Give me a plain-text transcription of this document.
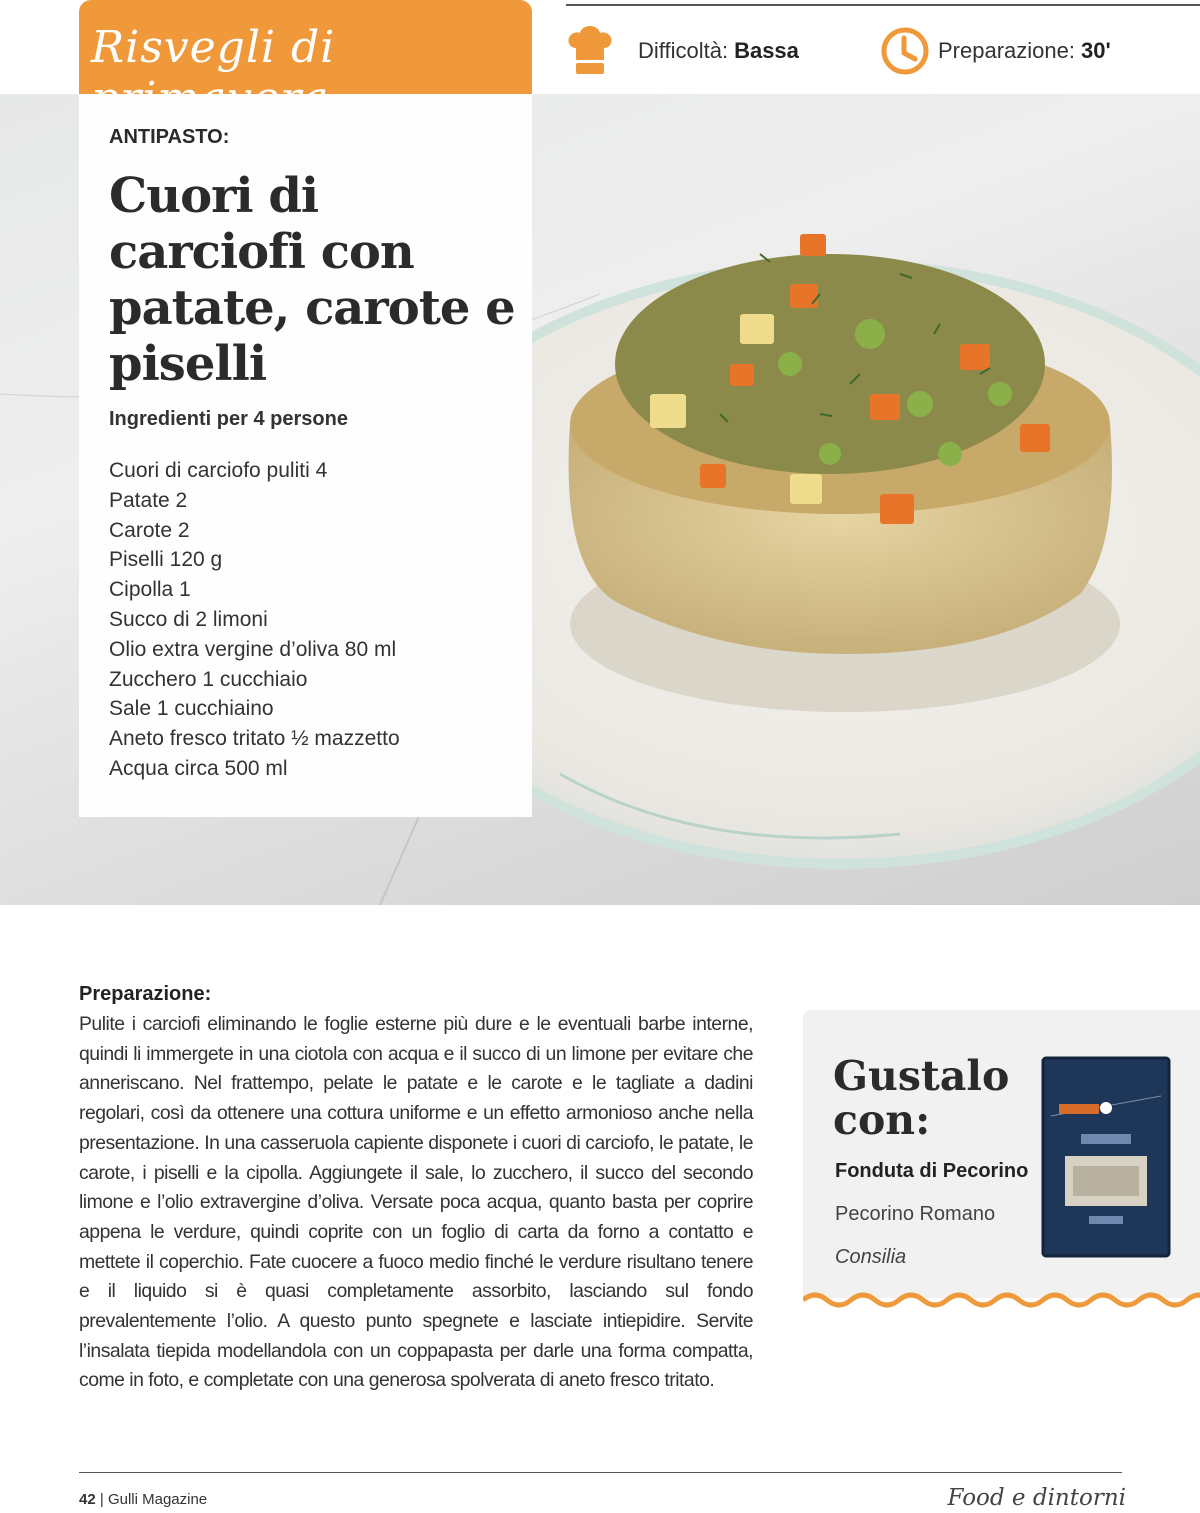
Risvegli di	Difficoltà: Bassa	Preparazione: 30'
ANTIPASTO:
Cuori di carciofi con patate, carote e piselli
Ingredienti per 4 persone
Cuori di carciofo puliti 4
Patate 2
Carote 2
Piselli 120 g
Cipolla 1
Succo di 2 limoni
Olio extra vergine d’oliva 80 ml
Zucchero 1 cucchiaio
Sale 1 cucchiaino
Aneto fresco tritato ½ mazzetto
Acqua circa 500 ml
Preparazione:

Pulite i carciofi eliminando le foglie esterne più dure e le eventuali barbe interne, quindi li immergete in una ciotola con acqua e il succo di un limone per evitare che anneriscano. Nel frattempo, pelate le patate e le carote e le tagliate a dadini regolari, così da ottenere una cottura uniforme e un effetto armonioso anche nella presentazione. In una casseruola capiente disponete i cuori di carciofo, le patate, le carote, i piselli e la cipolla. Aggiungete il sale, lo zucchero, il succo del secondo limone e l’olio extravergine d’oliva. Versate poca acqua, quanto basta per coprire appena le verdure, quindi coprite con un foglio di carta da forno a contatto e mettete il coperchio. Fate cuocere a fuoco medio finché le verdure risultano tenere e il liquido si è quasi completamente assorbito, lasciando sul fondo prevalentemente l’olio. A questo punto spegnete e lasciate intiepidire. Servite l’insalata tiepida modellandola con un coppapasta per darle una forma compatta, come in foto, e completate con una generosa spolverata di aneto fresco tritato.

Gustalo con:
Fonduta di Pecorino
Pecorino Romano
Consilia
42 | Gulli Magazine	Food e dintorni
